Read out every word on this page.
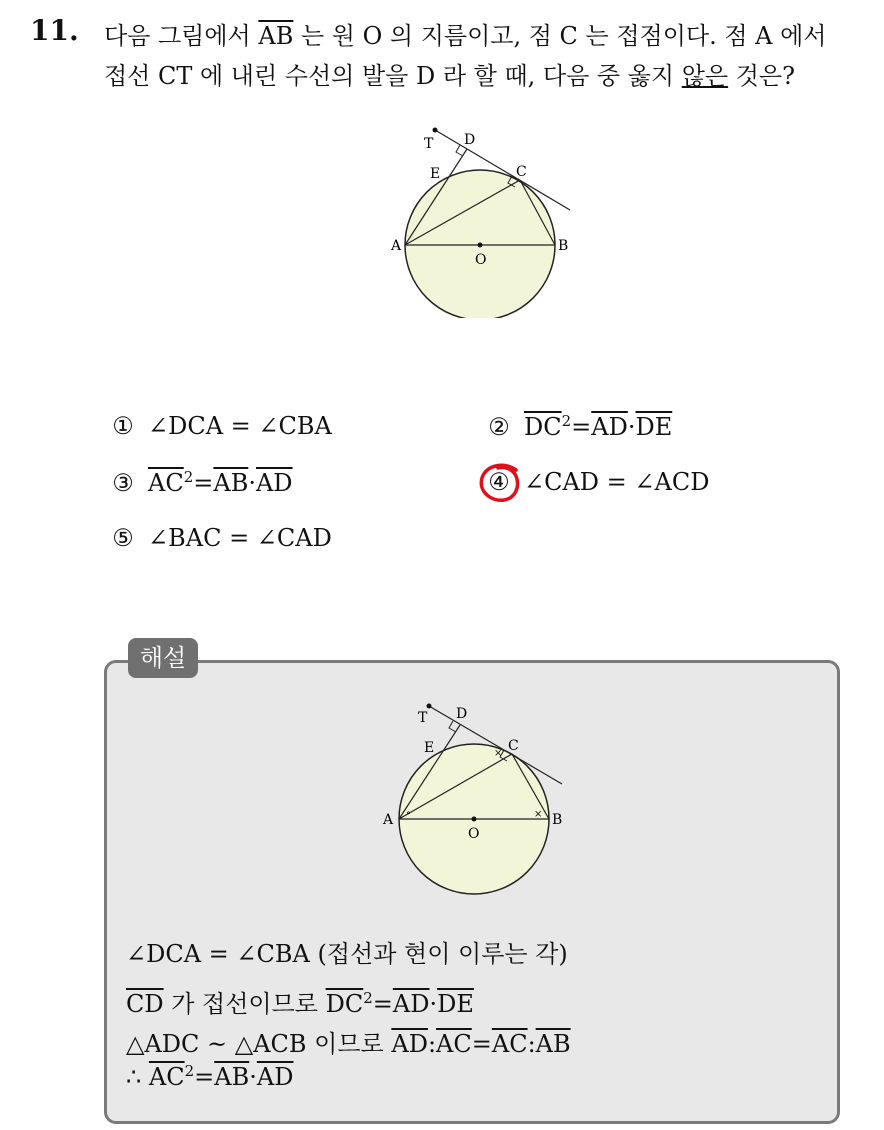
11. 다음 그림에서 $\overline{AB}$ 는 원 O 의 지름이고, 점 C 는 접점이다. 점 A 에서
접선 CT 에 내린 수선의 발을 D 라 할 때, 다음 중 옳지 않은 것은?
T D
E	C
A
O
B
① ∠DCA = ∠CBA	② $\overline{DC}^2=\overline{AD}\cdot\overline{DE}$
③ $\overline{AC}^2=\overline{AB}\cdot\overline{AD}$	④ ∠CAD = ∠ACD
⑤ ∠BAC = ∠CAD
해설
∘
×
×
T D
E	C
A
O
B
∠DCA = ∠CBA (접선과 현이 이루는 각)
$\overline{CD}$ 가 접선이므로 $\overline{DC}^2=\overline{AD}\cdot\overline{DE}$
△ADC ~ △ACB 이므로 $\overline{AD}:\overline{AC}=\overline{AC}:\overline{AB}$
∴ $\overline{AC}^2=\overline{AB}\cdot\overline{AD}$
